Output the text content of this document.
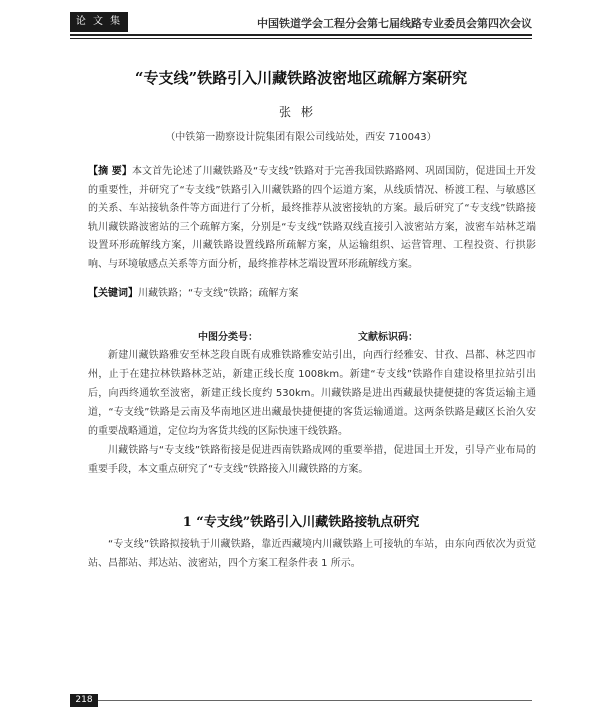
论 文 集	中国铁道学会工程分会第七届线路专业委员会第四次会议
“专支线”铁路引入川藏铁路波密地区疏解方案研究
张彬
（中铁第一勘察设计院集团有限公司线站处，西安 710043）
【摘 要】本文首先论述了川藏铁路及“专支线”铁路对于完善我国铁路路网、巩固国防，促进国土开发的重要性，并研究了“专支线”铁路引入川藏铁路的四个运道方案，从线质情况、桥渡工程、与敏感区的关系、车站接轨条件等方面进行了分析，最终推荐从波密接轨的方案。最后研究了“专支线”铁路接轨川藏铁路波密站的三个疏解方案，分别是“专支线”铁路双线直接引入波密站方案，波密车站林芝端设置环形疏解线方案，川藏铁路设置线路所疏解方案，从运输组织、运营管理、工程投资、行拱影响、与环境敏感点关系等方面分析，最终推荐林芝端设置环形疏解线方案。
【关键词】川藏铁路；“专支线”铁路；疏解方案
中图分类号：	文献标识码：

新建川藏铁路雅安至林芝段自既有成雅铁路雅安站引出，向西行经雅安、甘孜、昌都、林芝四市州，止于在建拉林铁路林芝站，新建正线长度 1008km。新建“专支线”铁路作自建设格里拉站引出后，向西终通软至波密，新建正线长度约 530km。川藏铁路是进出西藏最快捷便捷的客货运输主通道，“专支线”铁路是云南及华南地区进出藏最快捷便捷的客货运输通道。这两条铁路是藏区长治久安的重要战略通道，定位均为客货共线的区际快速干线铁路。

川藏铁路与“专支线”铁路衔接是促进西南铁路成网的重要举措，促进国土开发，引导产业布局的重要手段，本文重点研究了“专支线”铁路接入川藏铁路的方案。

1 “专支线”铁路引入川藏铁路接轨点研究

“专支线”铁路拟接轨于川藏铁路，靠近西藏境内川藏铁路上可接轨的车站，由东向西依次为贡觉站、昌都站、邦达站、波密站，四个方案工程条件表 1 所示。

218
